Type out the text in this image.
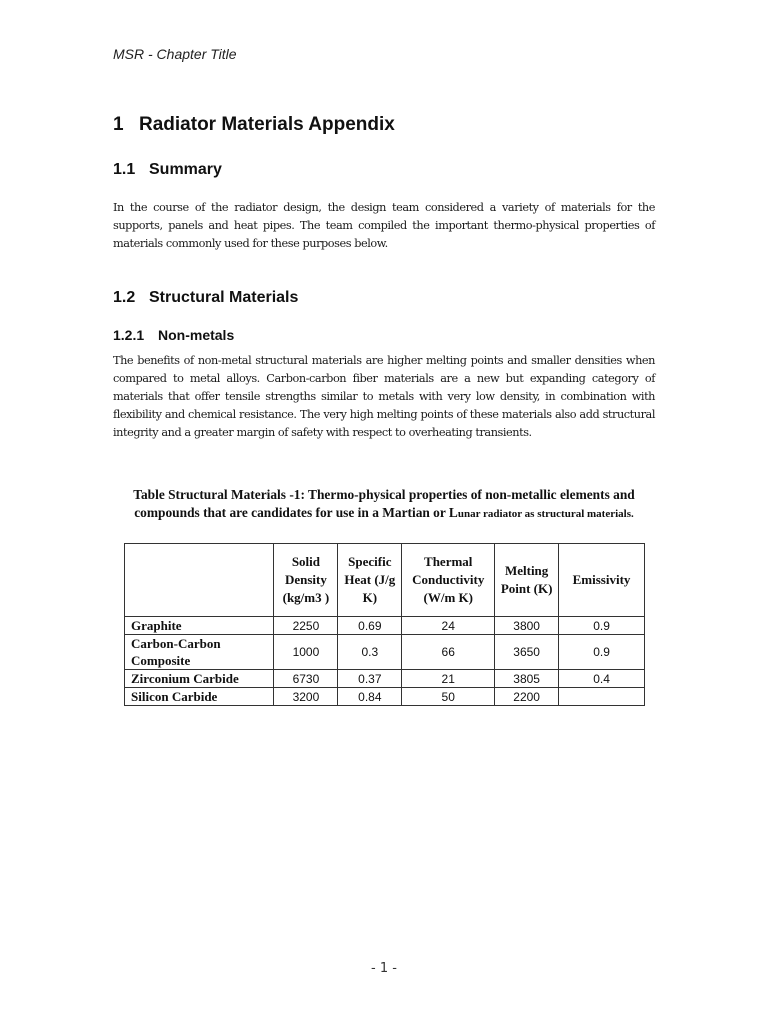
MSR - Chapter Title
1 Radiator Materials Appendix
1.1 Summary
In the course of the radiator design, the design team considered a variety of materials for the supports, panels and heat pipes. The team compiled the important thermo-physical properties of materials commonly used for these purposes below.
1.2 Structural Materials
1.2.1 Non-metals
The benefits of non-metal structural materials are higher melting points and smaller densities when compared to metal alloys. Carbon-carbon fiber materials are a new but expanding category of materials that offer tensile strengths similar to metals with very low density, in combination with flexibility and chemical resistance. The very high melting points of these materials also add structural integrity and a greater margin of safety with respect to overheating transients.
Table Structural Materials -1: Thermo-physical properties of non-metallic elements and compounds that are candidates for use in a Martian or Lunar radiator as structural materials.
	Solid Density (kg/m3 )	Specific Heat (J/g K)	Thermal Conductivity (W/m K)	Melting Point (K)	Emissivity
Graphite	2250	0.69	24	3800	0.9
Carbon-Carbon Composite	1000	0.3	66	3650	0.9
Zirconium Carbide	6730	0.37	21	3805	0.4
Silicon Carbide	3200	0.84	50	2200	
- 1 -
